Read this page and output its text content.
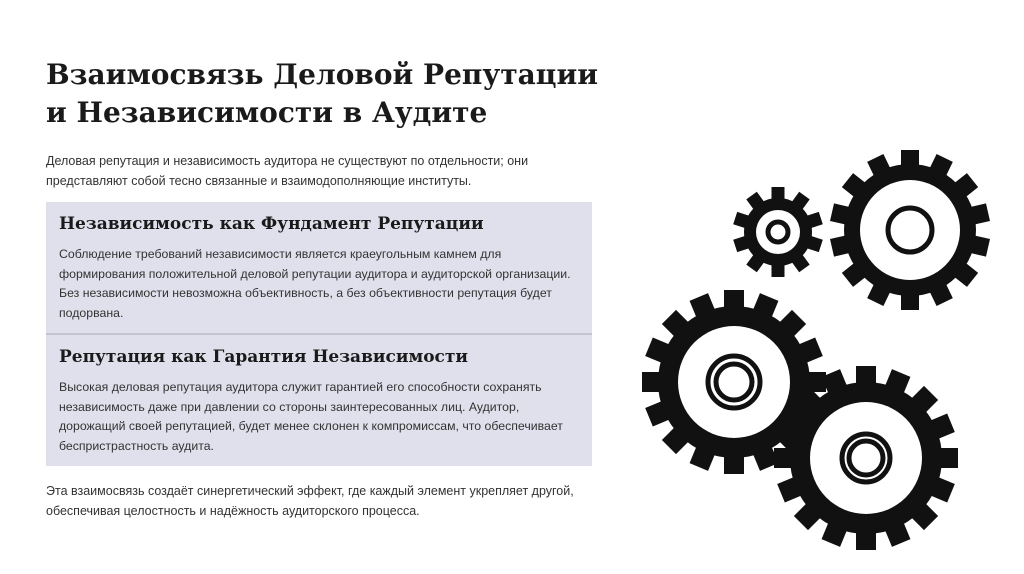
Взаимосвязь Деловой Репутации и Независимости в Аудите
Деловая репутация и независимость аудитора не существуют по отдельности; они представляют собой тесно связанные и взаимодополняющие институты.
Независимость как Фундамент Репутации
Соблюдение требований независимости является краеугольным камнем для формирования положительной деловой репутации аудитора и аудиторской организации. Без независимости невозможна объективность, а без объективности репутация будет подорвана.
Репутация как Гарантия Независимости
Высокая деловая репутация аудитора служит гарантией его способности сохранять независимость даже при давлении со стороны заинтересованных лиц. Аудитор, дорожащий своей репутацией, будет менее склонен к компромиссам, что обеспечивает беспристрастность аудита.
Эта взаимосвязь создаёт синергетический эффект, где каждый элемент укрепляет другой, обеспечивая целостность и надёжность аудиторского процесса.
